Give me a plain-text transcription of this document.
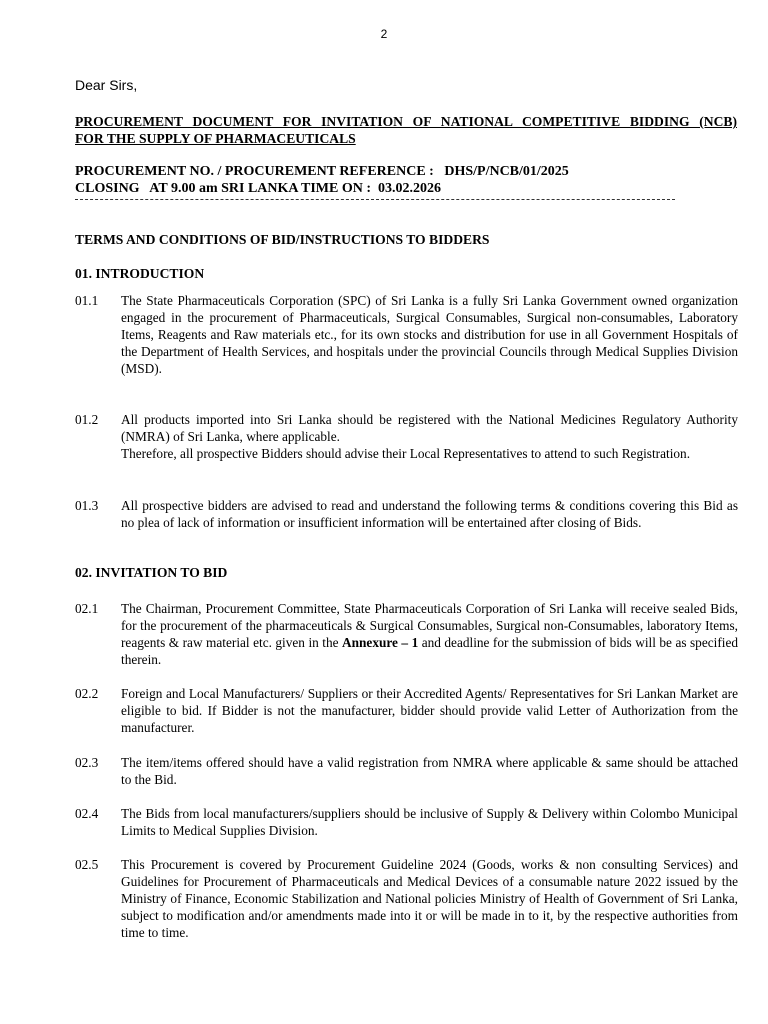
2
Dear Sirs,
PROCUREMENT DOCUMENT FOR INVITATION OF NATIONAL COMPETITIVE BIDDING (NCB)
FOR THE SUPPLY OF PHARMACEUTICALS
PROCUREMENT NO. / PROCUREMENT REFERENCE : DHS/P/NCB/01/2025
CLOSING   AT 9.00 am SRI LANKA TIME ON : 03.02.2026
TERMS AND CONDITIONS OF BID/INSTRUCTIONS TO BIDDERS
01. INTRODUCTION
01.1	The State Pharmaceuticals Corporation (SPC) of Sri Lanka is a fully Sri Lanka Government owned organization engaged in the procurement of Pharmaceuticals, Surgical Consumables, Surgical non-consumables, Laboratory Items, Reagents and Raw materials etc., for its own stocks and distribution for use in all Government Hospitals of the Department of Health Services, and hospitals under the provincial Councils through Medical Supplies Division (MSD).
01.2	All products imported into Sri Lanka should be registered with the National Medicines Regulatory Authority (NMRA) of Sri Lanka, where applicable.
Therefore, all prospective Bidders should advise their Local Representatives to attend to such Registration.
01.3	All prospective bidders are advised to read and understand the following terms & conditions covering this Bid as no plea of lack of information or insufficient information will be entertained after closing of Bids.
02. INVITATION TO BID
02.1	The Chairman, Procurement Committee, State Pharmaceuticals Corporation of Sri Lanka will receive sealed Bids, for the procurement of the pharmaceuticals & Surgical Consumables, Surgical non-Consumables, laboratory Items, reagents & raw material etc. given in the Annexure – 1 and deadline for the submission of bids will be as specified therein.
02.2	Foreign and Local Manufacturers/ Suppliers or their Accredited Agents/ Representatives for Sri Lankan Market are eligible to bid. If Bidder is not the manufacturer, bidder should provide valid Letter of Authorization from the manufacturer.
02.3	The item/items offered should have a valid registration from NMRA where applicable & same should be attached to the Bid.
02.4	The Bids from local manufacturers/suppliers should be inclusive of Supply & Delivery within Colombo Municipal Limits to Medical Supplies Division.
02.5	This Procurement is covered by Procurement Guideline 2024 (Goods, works & non consulting Services) and Guidelines for Procurement of Pharmaceuticals and Medical Devices of a consumable nature 2022 issued by the Ministry of Finance, Economic Stabilization and National policies Ministry of Health of Government of Sri Lanka, subject to modification and/or amendments made into it or will be made in to it, by the respective authorities from time to time.
